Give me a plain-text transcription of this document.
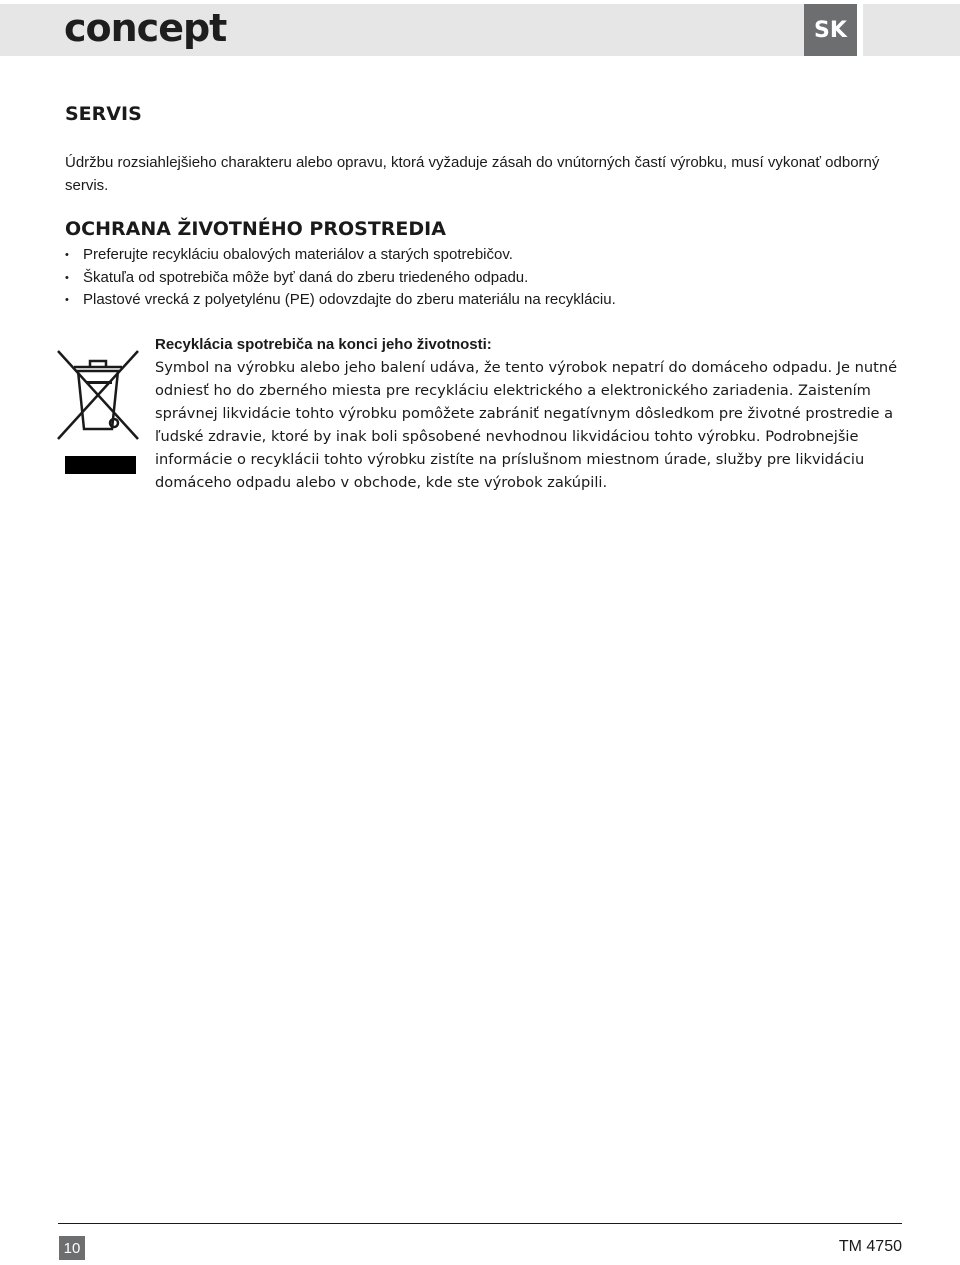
concept	SK
SERVIS

Údržbu rozsiahlejšieho charakteru alebo opravu, ktorá vyžaduje zásah do vnútorných častí výrobku, musí vykonať odborný servis.

OCHRANA ŽIVOTNÉHO PROSTREDIA
• Preferujte recykláciu obalových materiálov a starých spotrebičov.
• Škatuľa od spotrebiča môže byť daná do zberu triedeného odpadu.
• Plastové vrecká z polyetylénu (PE) odovzdajte do zberu materiálu na recykláciu.

Recyklácia spotrebiča na konci jeho životnosti:

Symbol na výrobku alebo jeho balení udáva, že tento výrobok nepatrí do domáceho odpadu. Je nutné odniesť ho do zberného miesta pre recykláciu elektrického a elektronického zariadenia. Zaistením správnej likvidácie tohto výrobku pomôžete zabrániť negatívnym dôsledkom pre životné prostredie a ľudské zdravie, ktoré by inak boli spôsobené nevhodnou likvidáciou tohto výrobku. Podrobnejšie informácie o recyklácii tohto výrobku zistíte na príslušnom miestnom úrade, služby pre likvidáciu domáceho odpadu alebo v obchode, kde ste výrobok zakúpili.

10	TM 4750
